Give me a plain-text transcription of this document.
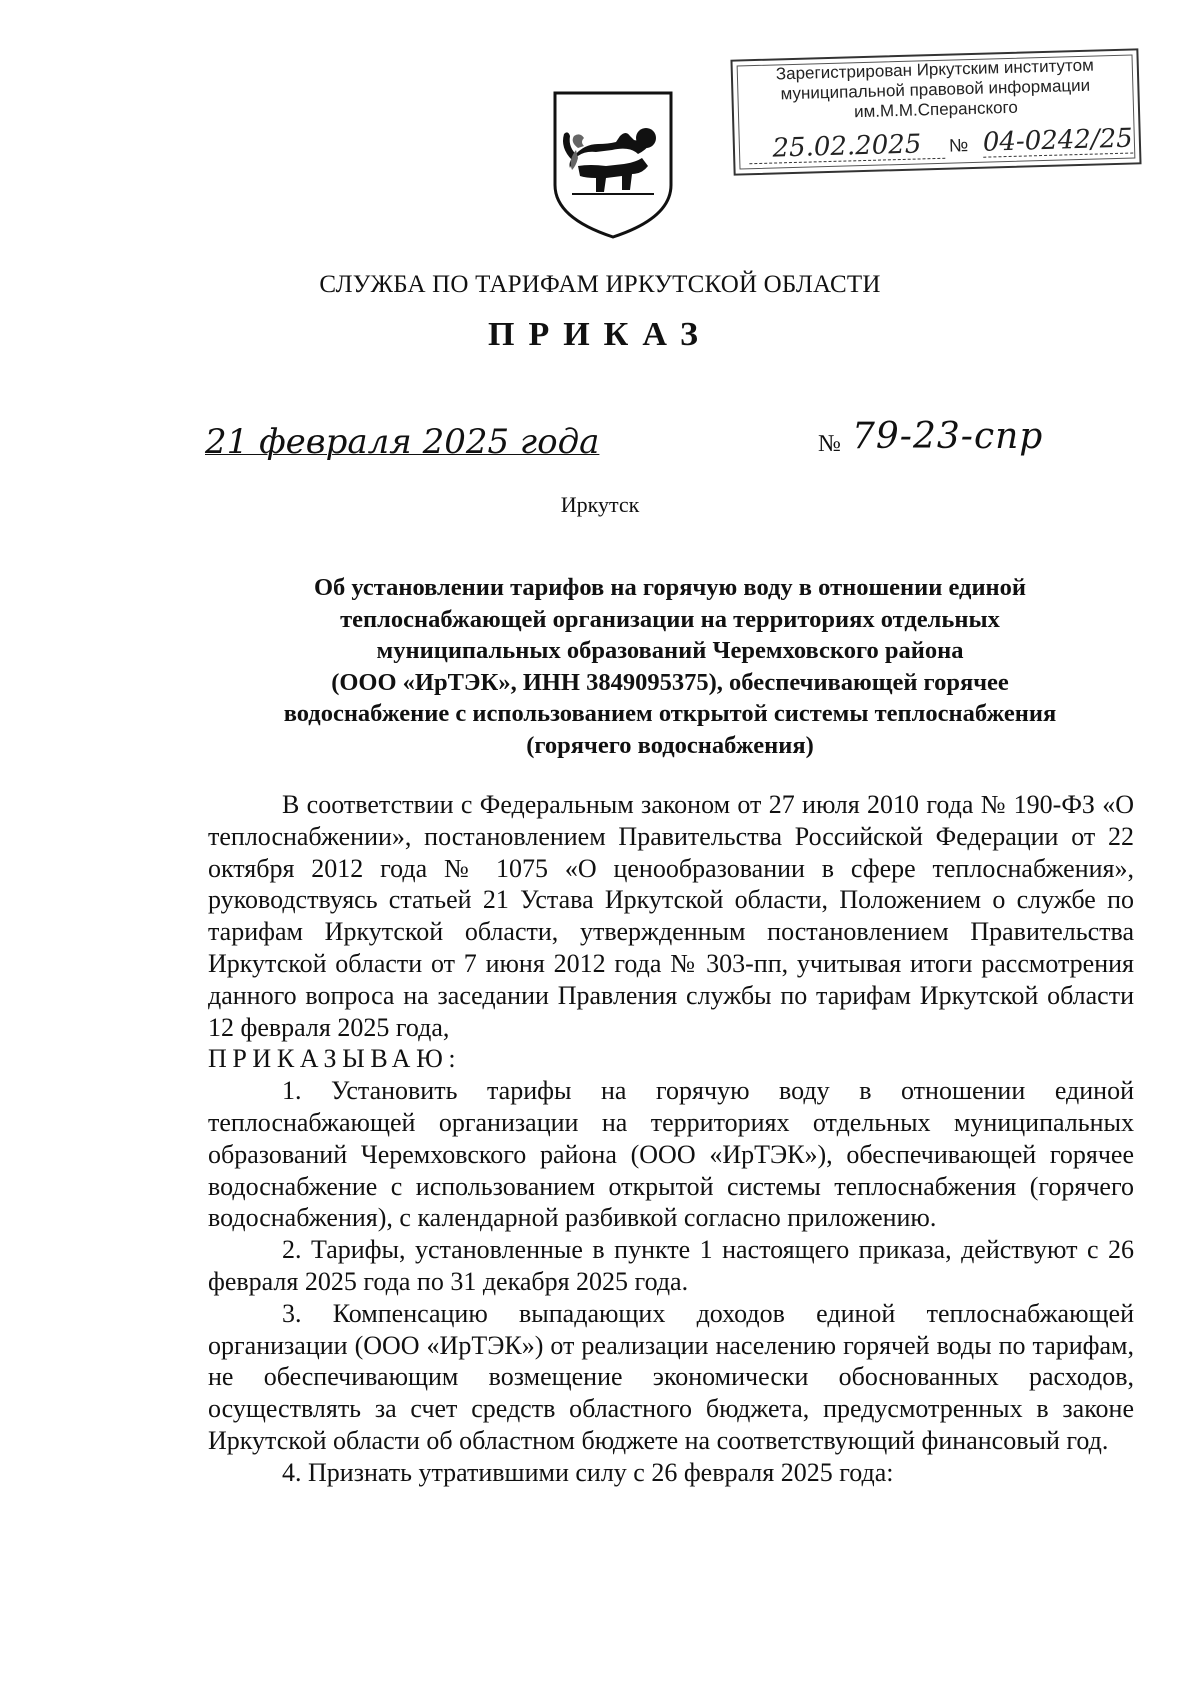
Зарегистрирован Иркутским институтом
муниципальной правовой информации
им.М.М.Сперанского
25.02.2025	№ 04-0242/25
СЛУЖБА ПО ТАРИФАМ ИРКУТСКОЙ ОБЛАСТИ
ПРИКАЗ
21 февраля 2025 года	№ 79-23-спр
Иркутск
Об установлении тарифов на горячую воду в отношении единой
теплоснабжающей организации на территориях отдельных
муниципальных образований Черемховского района
(ООО «ИрТЭК», ИНН 3849095375), обеспечивающей горячее
водоснабжение с использованием открытой системы теплоснабжения
(горячего водоснабжения)
В соответствии с Федеральным законом от 27 июля 2010 года № 190-ФЗ «О теплоснабжении», постановлением Правительства Российской Федерации от 22 октября 2012 года № 1075 «О ценообразовании в сфере теплоснабжения», руководствуясь статьей 21 Устава Иркутской области, Положением о службе по тарифам Иркутской области, утвержденным постановлением Правительства Иркутской области от 7 июня 2012 года № 303-пп, учитывая итоги рассмотрения данного вопроса на заседании Правления службы по тарифам Иркутской области 12 февраля 2025 года,
ПРИКАЗЫВАЮ:
1. Установить тарифы на горячую воду в отношении единой теплоснабжающей организации на территориях отдельных муниципальных образований Черемховского района (ООО «ИрТЭК»), обеспечивающей горячее водоснабжение с использованием открытой системы теплоснабжения (горячего водоснабжения), с календарной разбивкой согласно приложению.
2. Тарифы, установленные в пункте 1 настоящего приказа, действуют с 26 февраля 2025 года по 31 декабря 2025 года.
3. Компенсацию выпадающих доходов единой теплоснабжающей организации (ООО «ИрТЭК») от реализации населению горячей воды по тарифам, не обеспечивающим возмещение экономически обоснованных расходов, осуществлять за счет средств областного бюджета, предусмотренных в законе Иркутской области об областном бюджете на соответствующий финансовый год.
4. Признать утратившими силу с 26 февраля 2025 года:
